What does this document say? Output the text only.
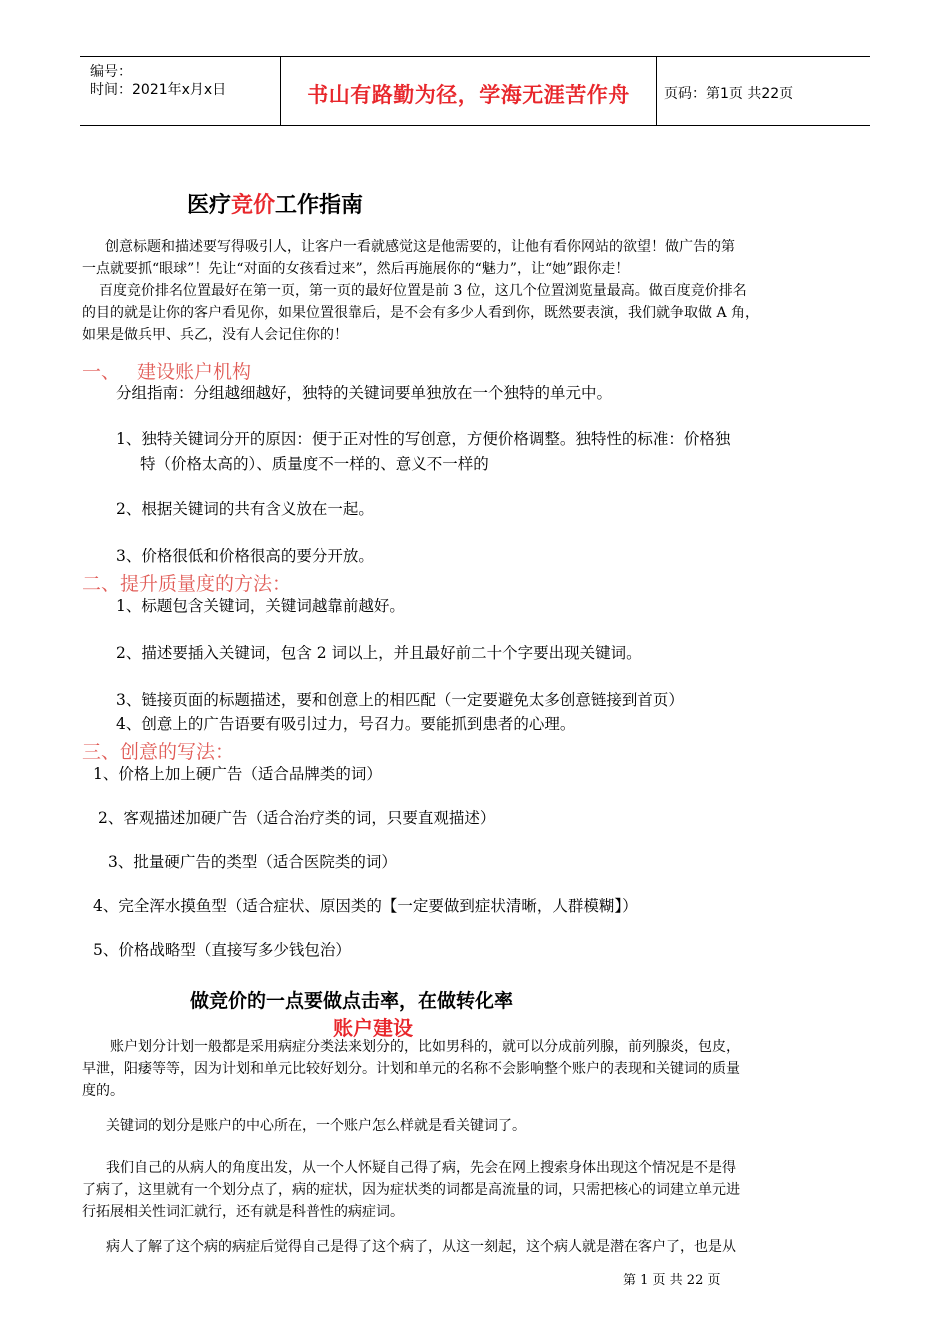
编号：
时间：2021年x月x日	书山有路勤为径，学海无涯苦作舟	页码：第1页 共22页
医疗竞价工作指南
创意标题和描述要写得吸引人，让客户一看就感觉这是他需要的，让他有看你网站的欲望！做广告的第
一点就要抓“眼球”！先让“对面的女孩看过来”，然后再施展你的“魅力”，让“她”跟你走！
百度竞价排名位置最好在第一页，第一页的最好位置是前 3 位，这几个位置浏览量最高。做百度竞价排名
的目的就是让你的客户看见你，如果位置很靠后，是不会有多少人看到你，既然要表演，我们就争取做 A 角，
如果是做兵甲、兵乙，没有人会记住你的！
一、 建设账户机构
分组指南：分组越细越好，独特的关键词要单独放在一个独特的单元中。
1、独特关键词分开的原因：便于正对性的写创意，方便价格调整。独特性的标准：价格独
特（价格太高的）、质量度不一样的、意义不一样的
2、根据关键词的共有含义放在一起。
3、价格很低和价格很高的要分开放。
二、提升质量度的方法：
1、标题包含关键词，关键词越靠前越好。
2、描述要插入关键词，包含 2 词以上，并且最好前二十个字要出现关键词。
3、链接页面的标题描述，要和创意上的相匹配（一定要避免太多创意链接到首页）
4、创意上的广告语要有吸引过力，号召力。要能抓到患者的心理。
三、创意的写法：
1、价格上加上硬广告（适合品牌类的词）
2、客观描述加硬广告（适合治疗类的词，只要直观描述）
3、批量硬广告的类型（适合医院类的词）
4、完全浑水摸鱼型（适合症状、原因类的【一定要做到症状清晰，人群模糊】）
5、价格战略型（直接写多少钱包治）
做竞价的一点要做点击率，在做转化率
账户建设
账户划分计划一般都是采用病症分类法来划分的，比如男科的，就可以分成前列腺，前列腺炎，包皮，
早泄，阳痿等等，因为计划和单元比较好划分。计划和单元的名称不会影响整个账户的表现和关键词的质量
度的。
关键词的划分是账户的中心所在，一个账户怎么样就是看关键词了。
我们自己的从病人的角度出发，从一个人怀疑自己得了病，先会在网上搜索身体出现这个情况是不是得
了病了，这里就有一个划分点了，病的症状，因为症状类的词都是高流量的词，只需把核心的词建立单元进
行拓展相关性词汇就行，还有就是科普性的病症词。
病人了解了这个病的病症后觉得自己是得了这个病了，从这一刻起，这个病人就是潜在客户了，也是从
第 1 页 共 22 页
